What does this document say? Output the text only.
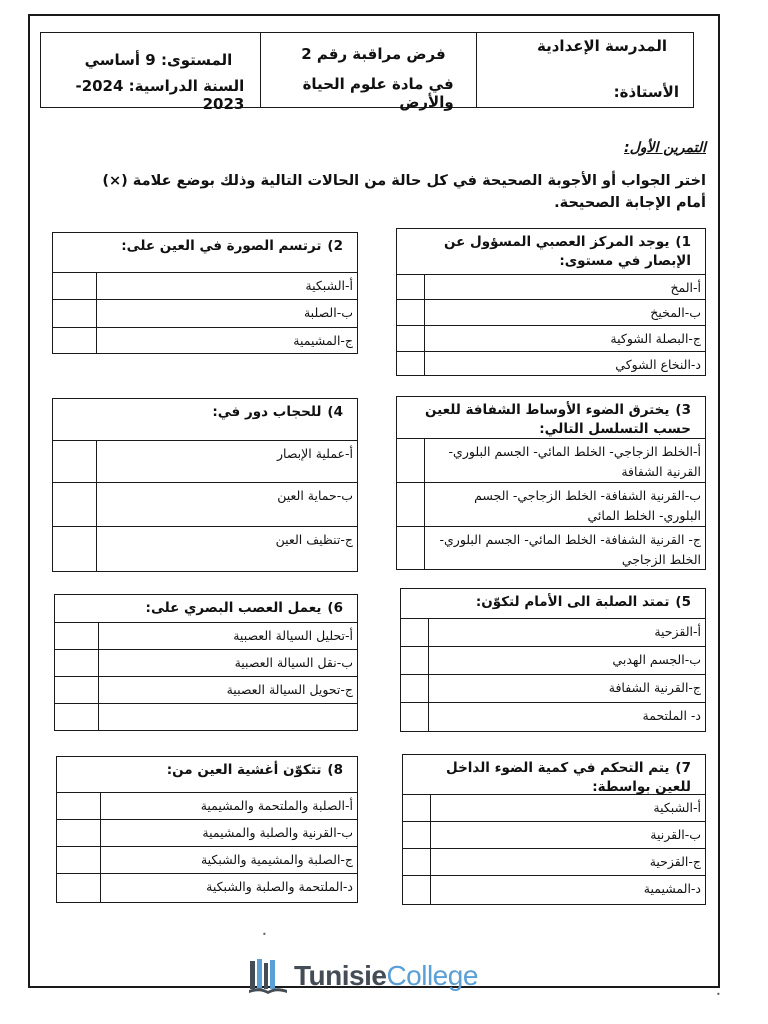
المدرسة الإعدادية
الأستاذة:
فرض مراقبة رقم 2
في مادة علوم الحياة والأرض
المستوى: 9 أساسي
السنة الدراسية: 2024-2023
التمرين الأول:
اختر الجواب أو الأجوبة الصحيحة في كل حالة من الحالات التالية وذلك بوضع علامة (×) أمام الإجابة الصحيحة.
1)يوجد المركز العصبي المسؤول عن الإبصار في مستوى:
أ-المخ
ب-المخيخ
ج-البصلة الشوكية
د-النخاع الشوكي
2)ترتسم الصورة في العين على:
أ-الشبكية
ب-الصلبة
ج-المشيمية
3)يخترق الضوء الأوساط الشفافة للعين حسب التسلسل التالي:
أ-الخلط الزجاجي- الخلط المائي- الجسم البلوري- القرنية الشفافة
ب-القرنية الشفافة- الخلط الزجاجي- الجسم البلوري- الخلط المائي
ج- القرنية الشفافة- الخلط المائي- الجسم البلوري- الخلط الزجاجي
4)للحجاب دور في:
أ-عملية الإبصار
ب-حماية العين
ج-تنظيف العين
5)تمتد الصلبة الى الأمام لتكوّن:
أ-القزحية
ب-الجسم الهدبي
ج-القرنية الشفافة
د- الملتحمة
6)يعمل العصب البصري على:
أ-تحليل السيالة العصبية
ب-نقل السيالة العصبية
ج-تحويل السيالة العصبية
7)يتم التحكم في كمية الضوء الداخل للعين بواسطة:
أ-الشبكية
ب-القرنية
ج-القزحية
د-المشيمية
8)تتكوّن أغشية العين من:
أ-الصلبة والملتحمة والمشيمية
ب-القرنية والصلبة والمشيمية
ج-الصلبة والمشيمية والشبكية
د-الملتحمة والصلبة والشبكية
TunisieCollege
•
•
